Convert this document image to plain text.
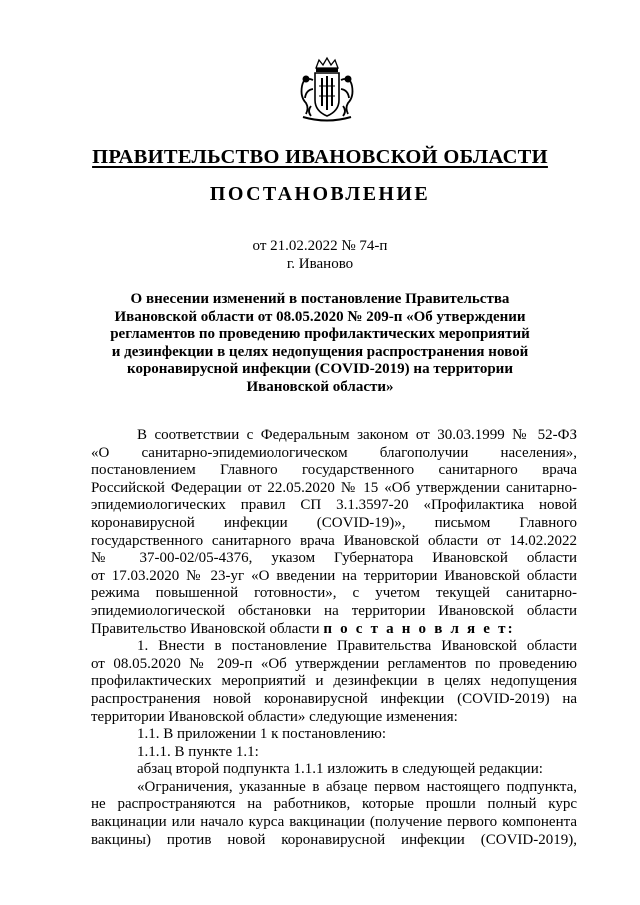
ПРАВИТЕЛЬСТВО ИВАНОВСКОЙ ОБЛАСТИ
ПОСТАНОВЛЕНИЕ
от 21.02.2022 № 74-п
г. Иваново
О внесении изменений в постановление Правительства
Ивановской области от 08.05.2020 № 209-п «Об утверждении
регламентов по проведению профилактических мероприятий
и дезинфекции в целях недопущения распространения новой
коронавирусной инфекции (COVID-2019) на территории
Ивановской области»

В соответствии с Федеральным законом от 30.03.1999 № 52-ФЗ

«О санитарно-эпидемиологическом благополучии населения»,

постановлением Главного государственного санитарного врача

Российской Федерации от 22.05.2020 № 15 «Об утверждении санитарно-

эпидемиологических правил СП 3.1.3597-20 «Профилактика новой

коронавирусной инфекции (COVID-19)», письмом Главного

государственного санитарного врача Ивановской области от 14.02.2022

№ 37-00-02/05-4376, указом Губернатора Ивановской области

от 17.03.2020 № 23-уг «О введении на территории Ивановской области

режима повышенной готовности», с учетом текущей санитарно-

эпидемиологической обстановки на территории Ивановской области

Правительство Ивановской области п о с т а н о в л я е т:

1. Внести в постановление Правительства Ивановской области

от 08.05.2020 № 209-п «Об утверждении регламентов по проведению

профилактических мероприятий и дезинфекции в целях недопущения

распространения новой коронавирусной инфекции (COVID-2019) на

территории Ивановской области» следующие изменения:

1.1. В приложении 1 к постановлению:

1.1.1. В пункте 1.1:

абзац второй подпункта 1.1.1 изложить в следующей редакции:

«Ограничения, указанные в абзаце первом настоящего подпункта,

не распространяются на работников, которые прошли полный курс

вакцинации или начало курса вакцинации (получение первого компонента

вакцины) против новой коронавирусной инфекции (COVID-2019),
